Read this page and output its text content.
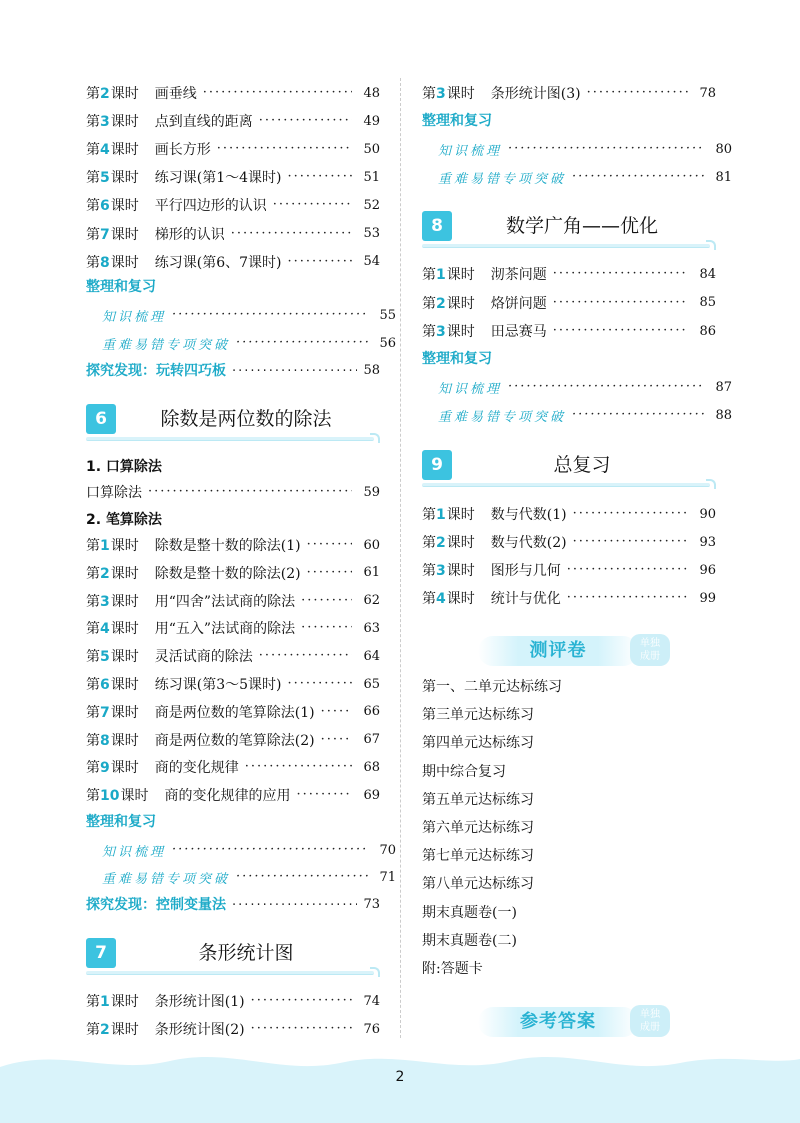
第2课时 画垂线 ·····	48
第3课时 点到直线的距离 ·····	49
第4课时 画长方形 ·····	50
第5课时 练习课(第1～4课时) ·····	51
第6课时 平行四边形的认识 ·····	52
第7课时 梯形的认识 ·····	53
第8课时 练习课(第6、7课时) ·····	54
整理和复习
知识梳理 ·····	55
重难易错专项突破 ·····	56
探究发现：玩转四巧板 ·····	58
6	除数是两位数的除法
1. 口算除法
口算除法 ·····	59
2. 笔算除法
第1课时 除数是整十数的除法(1) ·····	60
第2课时 除数是整十数的除法(2) ·····	61
第3课时 用“四舍”法试商的除法 ·····	62
第4课时 用“五入”法试商的除法 ·····	63
第5课时 灵活试商的除法 ·····	64
第6课时 练习课(第3～5课时) ·····	65
第7课时 商是两位数的笔算除法(1) ·····	66
第8课时 商是两位数的笔算除法(2) ·····	67
第9课时 商的变化规律 ·····	68
第10课时 商的变化规律的应用 ·····	69
整理和复习
知识梳理 ·····	70
重难易错专项突破 ·····	71
探究发现：控制变量法 ·····	73
7	条形统计图
第1课时 条形统计图(1) ·····	74
第2课时 条形统计图(2) ·····	76
第3课时 条形统计图(3) ·····	78
整理和复习
知识梳理 ·····	80
重难易错专项突破 ·····	81
8	数学广角——优化
第1课时 沏茶问题 ·····	84
第2课时 烙饼问题 ·····	85
第3课时 田忌赛马 ·····	86
整理和复习
知识梳理 ·····	87
重难易错专项突破 ·····	88
9	总复习
第1课时 数与代数(1) ·····	90
第2课时 数与代数(2) ·····	93
第3课时 图形与几何 ·····	96
第4课时 统计与优化 ·····	99
测评卷	单独
成册
第一、二单元达标练习
第三单元达标练习
第四单元达标练习
期中综合复习
第五单元达标练习
第六单元达标练习
第七单元达标练习
第八单元达标练习
期末真题卷(一)
期末真题卷(二)
附:答题卡
参考答案	单独
成册
2
